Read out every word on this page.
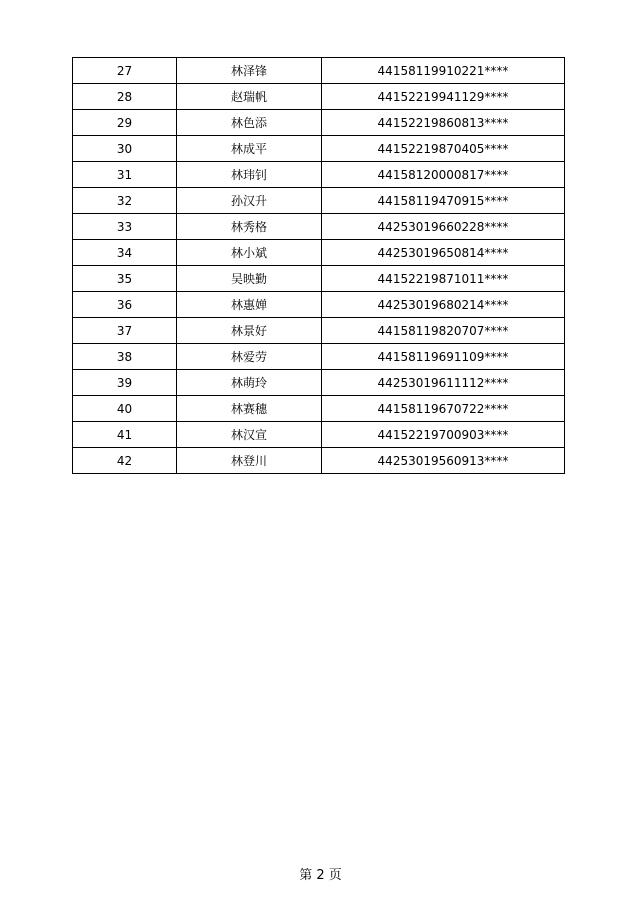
27	林泽锋	44158119910221****
28	赵瑞帆	44152219941129****
29	林色添	44152219860813****
30	林成平	44152219870405****
31	林玮钊	44158120000817****
32	孙汉升	44158119470915****
33	林秀格	44253019660228****
34	林小斌	44253019650814****
35	吴映勤	44152219871011****
36	林惠婵	44253019680214****
37	林景好	44158119820707****
38	林爱劳	44158119691109****
39	林萌玲	44253019611112****
40	林赛穗	44158119670722****
41	林汉宣	44152219700903****
42	林登川	44253019560913****
第 2 页
